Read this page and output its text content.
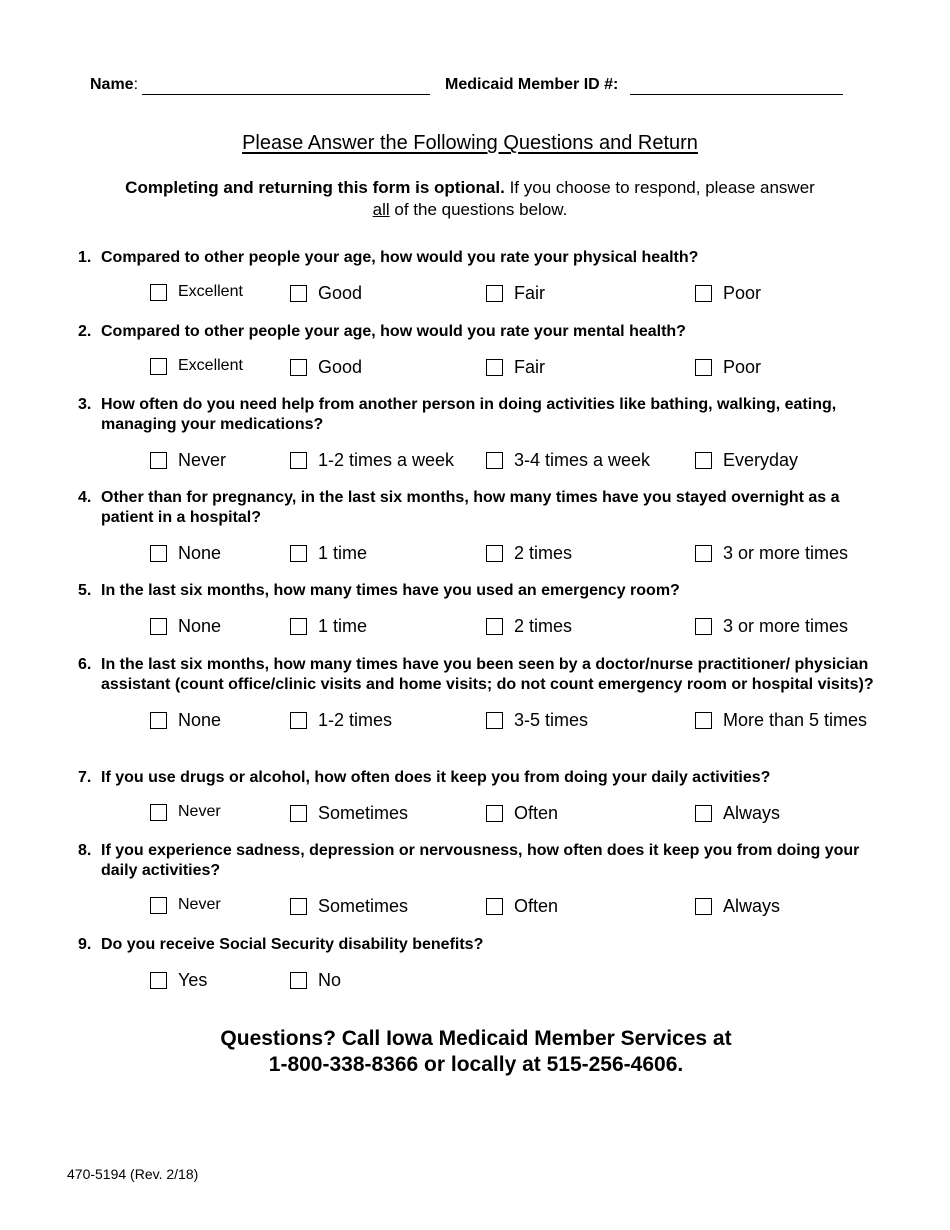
Name:	Medicaid Member ID #:
Please Answer the Following Questions and Return
Completing and returning this form is optional. If you choose to respond, please answer
all of the questions below.
1. Compared to other people your age, how would you rate your physical health?
Excellent	Good	Fair	Poor
2. Compared to other people your age, how would you rate your mental health?
Excellent	Good	Fair	Poor
3. How often do you need help from another person in doing activities like bathing, walking, eating, managing your medications?
Never	1-2 times a week	3-4 times a week	Everyday
4. Other than for pregnancy, in the last six months, how many times have you stayed overnight as a patient in a hospital?
None	1 time	2 times	3 or more times
5. In the last six months, how many times have you used an emergency room?
None	1 time	2 times	3 or more times
6. In the last six months, how many times have you been seen by a doctor/nurse practitioner/ physician assistant (count office/clinic visits and home visits; do not count emergency room or hospital visits)?
None	1-2 times	3-5 times	More than 5 times
7. If you use drugs or alcohol, how often does it keep you from doing your daily activities?
Never	Sometimes	Often	Always
8. If you experience sadness, depression or nervousness, how often does it keep you from doing your daily activities?
Never	Sometimes	Often	Always
9. Do you receive Social Security disability benefits?
Yes	No
Questions? Call Iowa Medicaid Member Services at
1-800-338-8366 or locally at 515-256-4606.
470-5194 (Rev. 2/18)
